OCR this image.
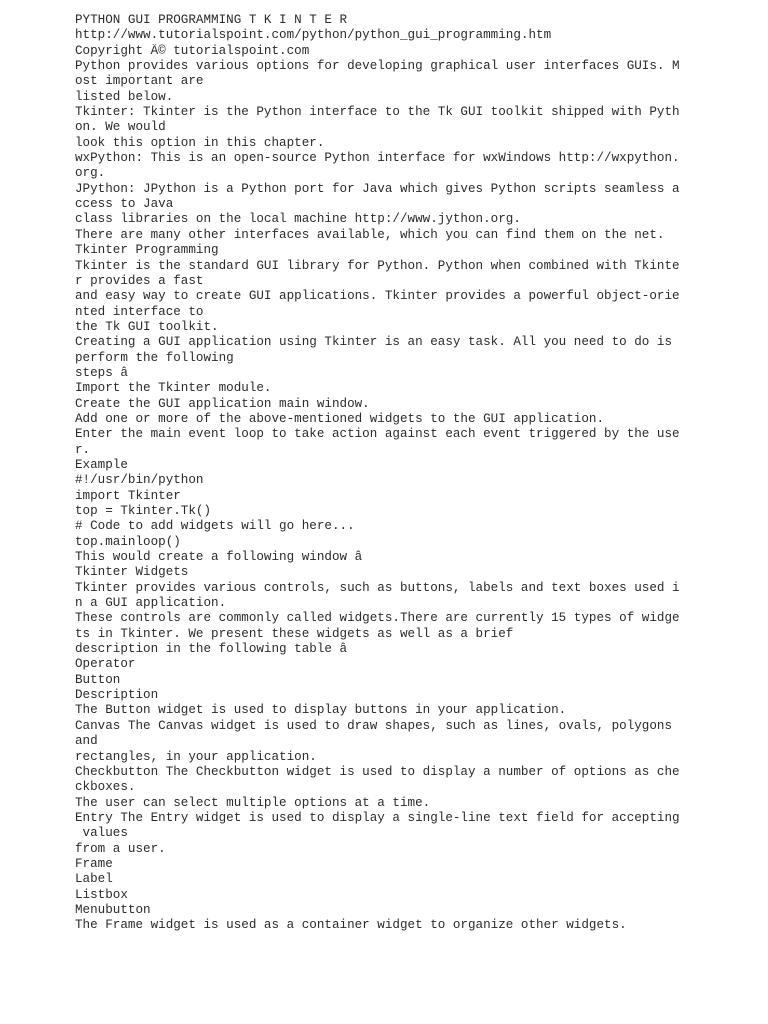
PYTHON GUI PROGRAMMING T K I N T E R
http://www.tutorialspoint.com/python/python_gui_programming.htm
Copyright Â© tutorialspoint.com
Python provides various options for developing graphical user interfaces GUIs. M
ost important are
listed below.
Tkinter: Tkinter is the Python interface to the Tk GUI toolkit shipped with Pyth
on. We would
look this option in this chapter.
wxPython: This is an open-source Python interface for wxWindows http://wxpython.
org.
JPython: JPython is a Python port for Java which gives Python scripts seamless a
ccess to Java
class libraries on the local machine http://www.jython.org.
There are many other interfaces available, which you can find them on the net.
Tkinter Programming
Tkinter is the standard GUI library for Python. Python when combined with Tkinte
r provides a fast
and easy way to create GUI applications. Tkinter provides a powerful object-orie
nted interface to
the Tk GUI toolkit.
Creating a GUI application using Tkinter is an easy task. All you need to do is
perform the following
steps â
Import the Tkinter module.
Create the GUI application main window.
Add one or more of the above-mentioned widgets to the GUI application.
Enter the main event loop to take action against each event triggered by the use
r.
Example
#!/usr/bin/python
import Tkinter
top = Tkinter.Tk()
# Code to add widgets will go here...
top.mainloop()
This would create a following window â
Tkinter Widgets
Tkinter provides various controls, such as buttons, labels and text boxes used i
n a GUI application.
These controls are commonly called widgets.There are currently 15 types of widge
ts in Tkinter. We present these widgets as well as a brief
description in the following table â
Operator
Button
Description
The Button widget is used to display buttons in your application.
Canvas The Canvas widget is used to draw shapes, such as lines, ovals, polygons
and
rectangles, in your application.
Checkbutton The Checkbutton widget is used to display a number of options as che
ckboxes.
The user can select multiple options at a time.
Entry The Entry widget is used to display a single-line text field for accepting
values
from a user.
Frame
Label
Listbox
Menubutton
The Frame widget is used as a container widget to organize other widgets.
